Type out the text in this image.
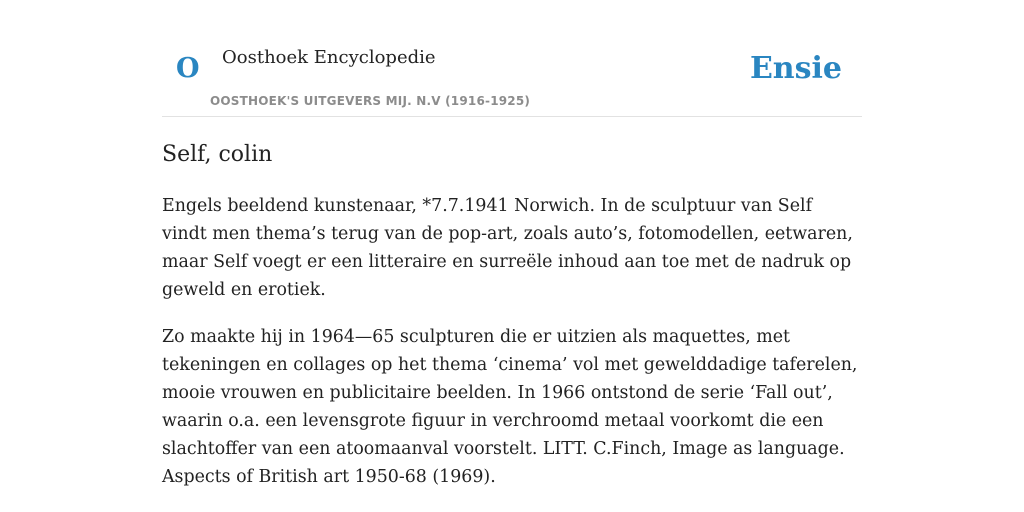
O Oosthoek Encyclopedie
OOSTHOEK'S UITGEVERS MIJ. N.V (1916-1925)
Ensie
Self, colin

Engels beeldend kunstenaar, *7.7.1941 Norwich. In de sculptuur van Self vindt men thema’s terug van de pop-art, zoals auto’s, fotomodellen, eetwaren, maar Self voegt er een litteraire en surreële inhoud aan toe met de nadruk op geweld en erotiek.

Zo maakte hij in 1964—65 sculpturen die er uitzien als maquettes, met tekeningen en collages op het thema ‘cinema’ vol met gewelddadige taferelen, mooie vrouwen en publicitaire beelden. In 1966 ontstond de serie ‘Fall out’, waarin o.a. een levensgrote figuur in verchroomd metaal voorkomt die een slachtoffer van een atoomaanval voorstelt. LITT. C.Finch, Image as language. Aspects of British art 1950-68 (1969).
